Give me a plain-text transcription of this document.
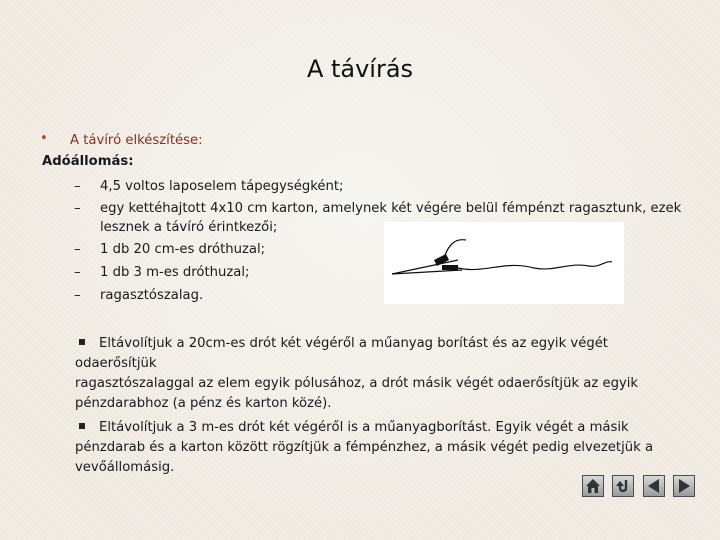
A távírás
• A távíró elkészítése:
Adóállomás:
– 4,5 voltos laposelem tápegységként;
– egy kettéhajtott 4x10 cm karton, amelynek két végére belül fémpénzt ragasztunk, ezek
lesznek a távíró érintkezői;
– 1 db 20 cm-es dróthuzal;
– 1 db 3 m-es dróthuzal;
– ragasztószalag.
Eltávolítjuk a 20cm-es drót két végéről a műanyag borítást és az egyik végét odaerősítjük
ragasztószalaggal az elem egyik pólusához, a drót másik végét odaerősítjük az egyik
pénzdarabhoz (a pénz és karton közé).
Eltávolítjuk a 3 m-es drót két végéről is a műanyagborítást. Egyik végét a másik
pénzdarab és a karton között rögzítjük a fémpénzhez, a másik végét pedig elvezetjük a
vevőállomásig.
